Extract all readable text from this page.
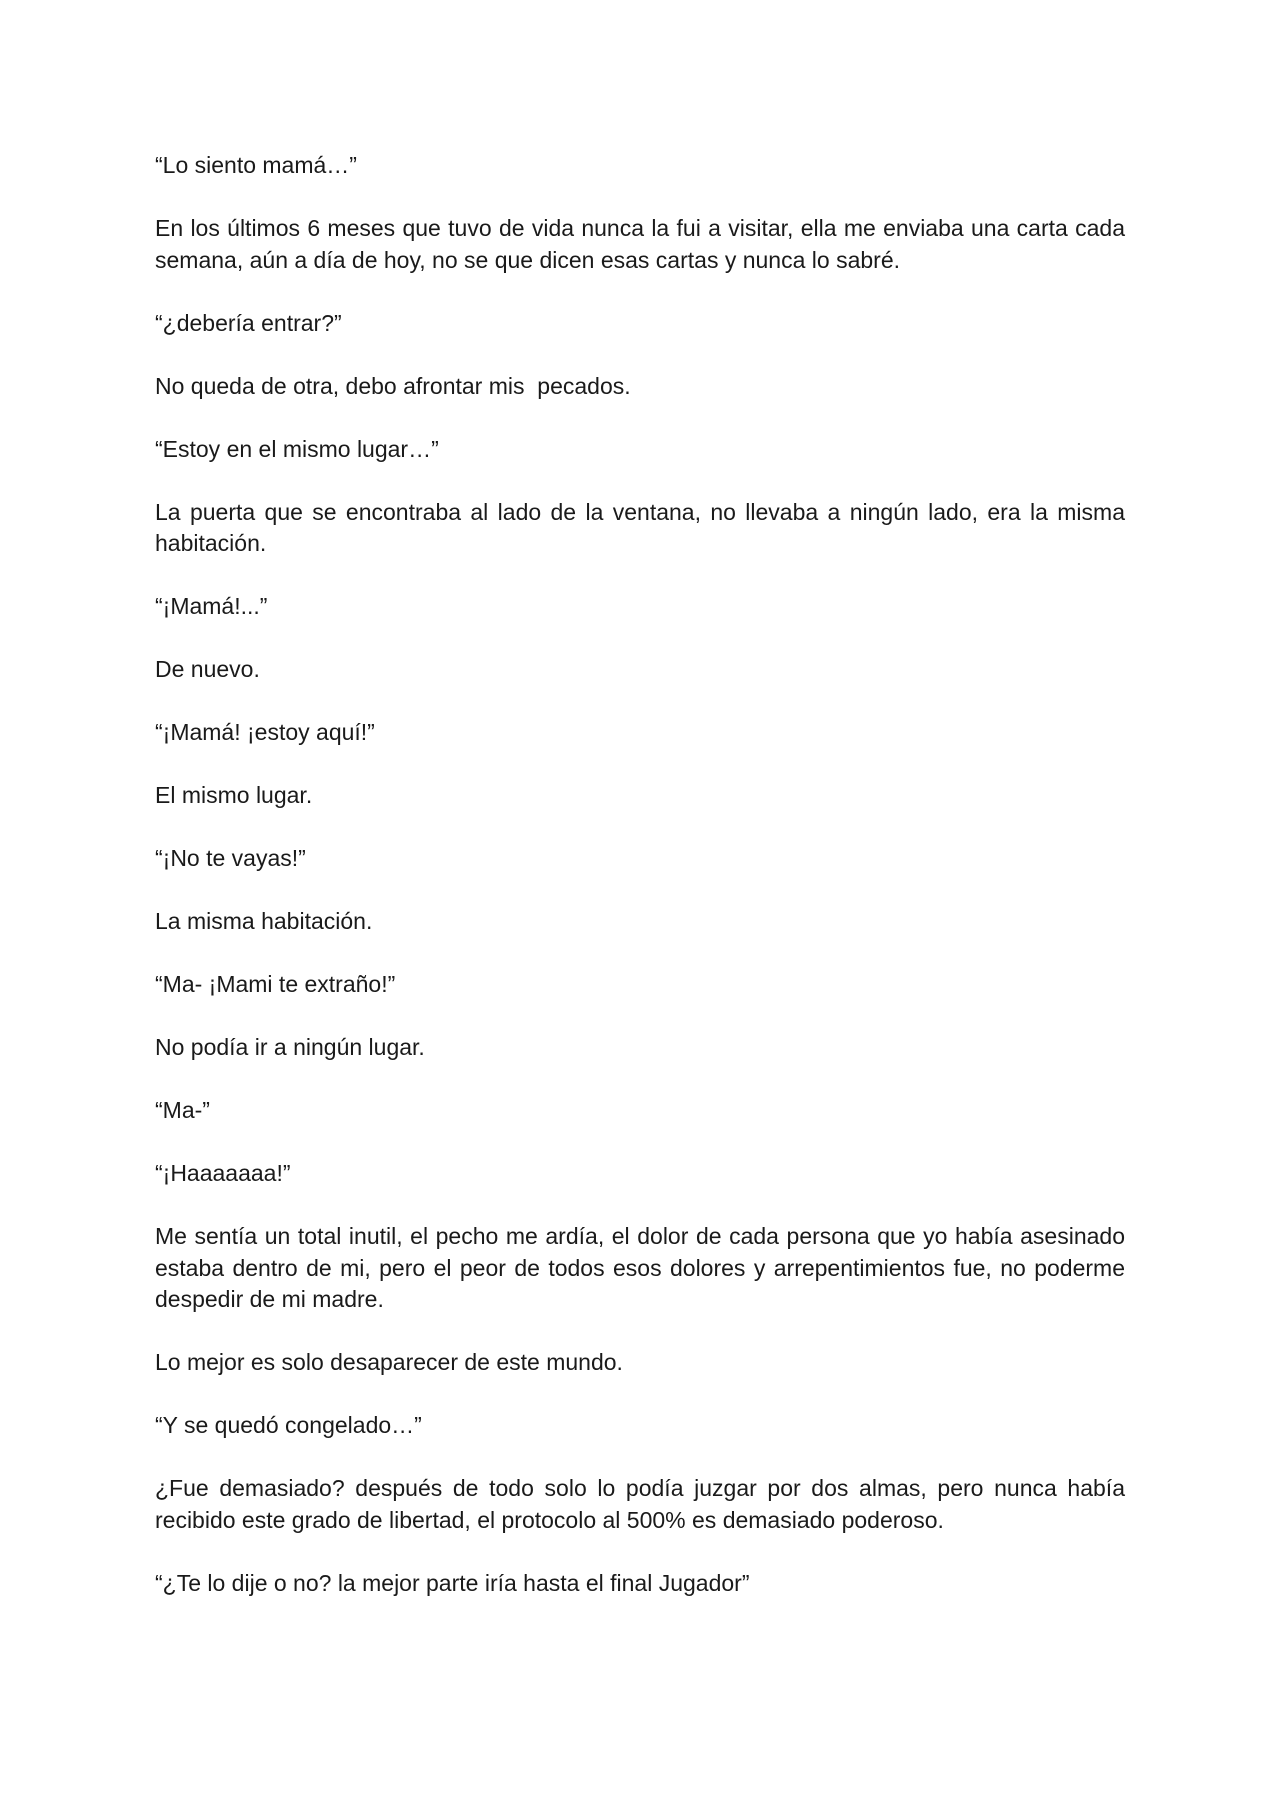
“Lo siento mamá…”

En los últimos 6 meses que tuvo de vida nunca la fui a visitar, ella me enviaba una carta cada semana, aún a día de hoy, no se que dicen esas cartas y nunca lo sabré.

“¿debería entrar?”

No queda de otra, debo afrontar mis  pecados.

“Estoy en el mismo lugar…”

La puerta que se encontraba al lado de la ventana, no llevaba a ningún lado, era la misma habitación.

“¡Mamá!...”

De nuevo.

“¡Mamá! ¡estoy aquí!”

El mismo lugar.

“¡No te vayas!”

La misma habitación.

“Ma- ¡Mami te extraño!”

No podía ir a ningún lugar.

“Ma-”

“¡Haaaaaaa!”

Me sentía un total inutil, el pecho me ardía, el dolor de cada persona que yo había asesinado estaba dentro de mi, pero el peor de todos esos dolores y arrepentimientos fue, no poderme despedir de mi madre.

Lo mejor es solo desaparecer de este mundo.

“Y se quedó congelado…”

¿Fue demasiado? después de todo solo lo podía juzgar por dos almas, pero nunca había recibido este grado de libertad, el protocolo al 500% es demasiado poderoso.

“¿Te lo dije o no? la mejor parte iría hasta el final Jugador”
